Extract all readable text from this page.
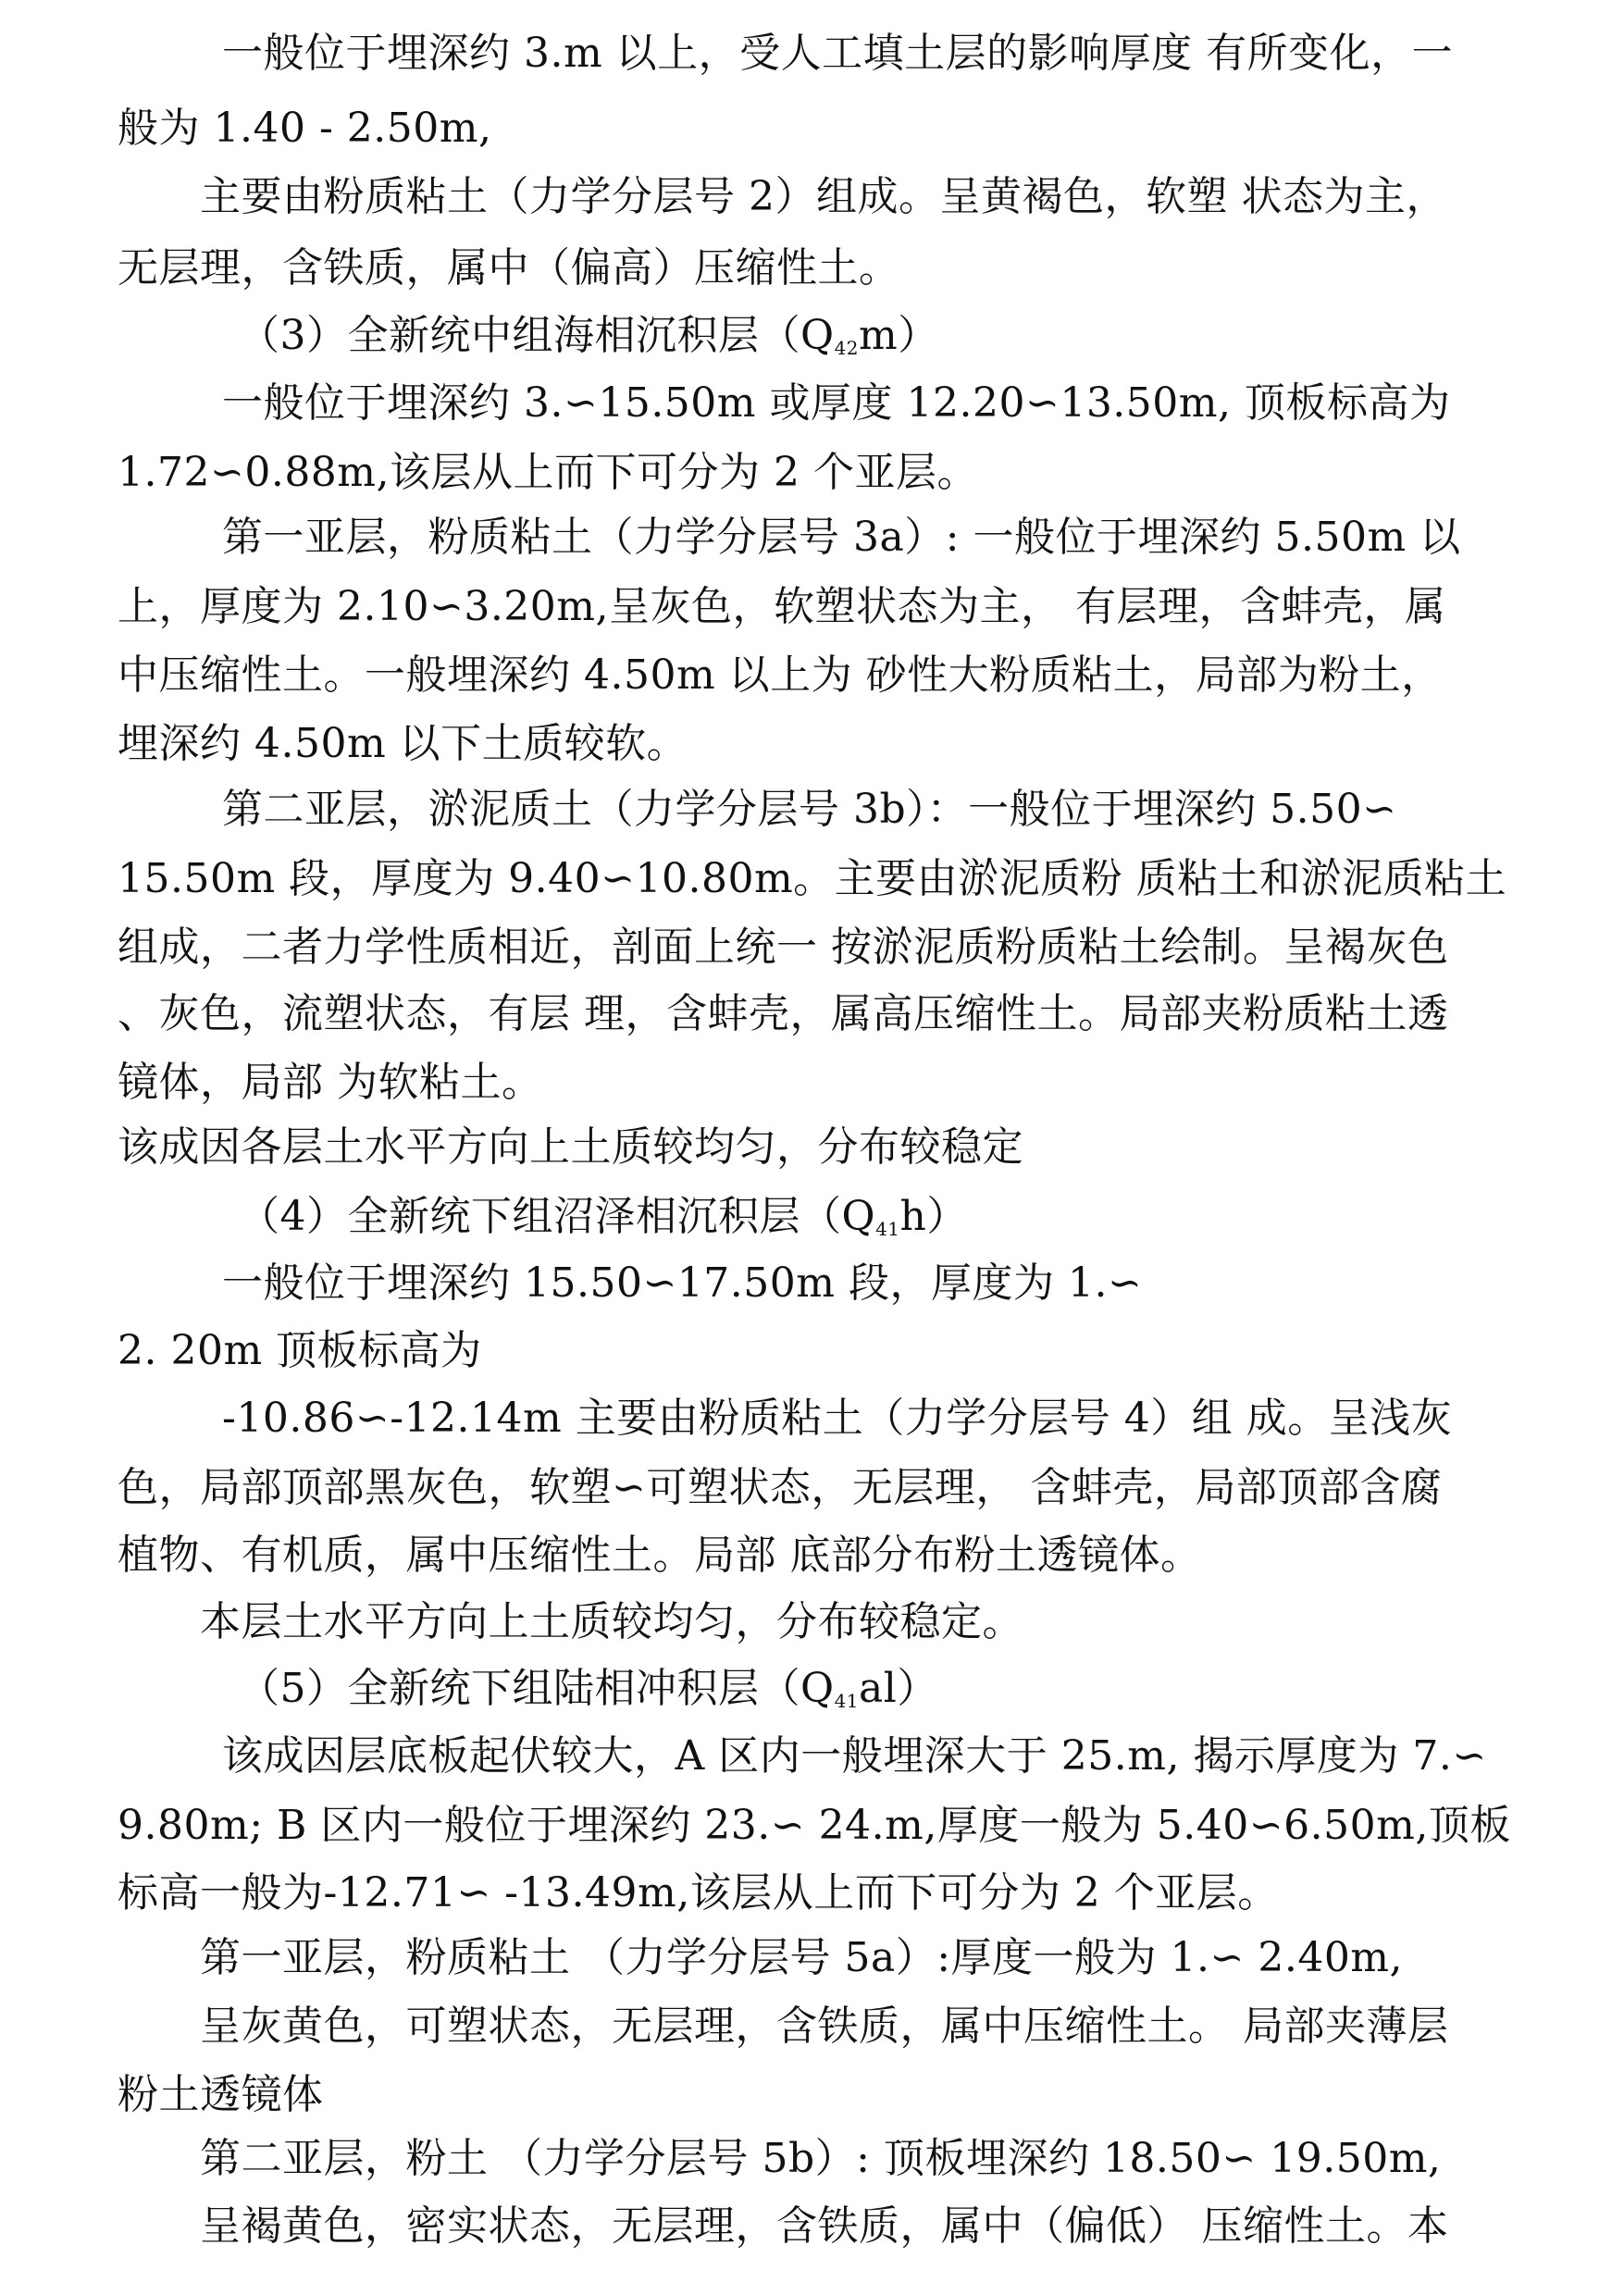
一般位于埋深约 3.m 以上，受人工填土层的影响厚度 有所变化，一
般为 1.40 - 2.50m,
主要由粉质粘土（力学分层号 2）组成。呈黄褐色，软塑 状态为主，
无层理，含铁质，属中（偏高）压缩性土。
（3）全新统中组海相沉积层（Q42m）
一般位于埋深约 3.∽15.50m 或厚度 12.20∽13.50m, 顶板标高为
1.72∽0.88m,该层从上而下可分为 2 个亚层。
第一亚层，粉质粘土（力学分层号 3a）: 一般位于埋深约 5.50m 以
上，厚度为 2.10∽3.20m,呈灰色，软塑状态为主， 有层理，含蚌壳，属
中压缩性土。一般埋深约 4.50m 以上为 砂性大粉质粘土，局部为粉土，
埋深约 4.50m 以下土质较软。
第二亚层，淤泥质土（力学分层号 3b）：一般位于埋深约 5.50∽
15.50m 段，厚度为 9.40∽10.80m。主要由淤泥质粉 质粘土和淤泥质粘土
组成，二者力学性质相近，剖面上统一 按淤泥质粉质粘土绘制。呈褐灰色
、灰色，流塑状态，有层 理，含蚌壳，属高压缩性土。局部夹粉质粘土透
镜体，局部 为软粘土。
该成因各层土水平方向上土质较均匀，分布较稳定
（4）全新统下组沼泽相沉积层（Q41h）
一般位于埋深约 15.50∽17.50m 段，厚度为 1.∽
2. 20m 顶板标高为
-10.86∽-12.14m 主要由粉质粘土（力学分层号 4）组 成。呈浅灰
色，局部顶部黑灰色，软塑∽可塑状态，无层理， 含蚌壳，局部顶部含腐
植物、有机质，属中压缩性土。局部 底部分布粉土透镜体。
本层土水平方向上土质较均匀，分布较稳定。
（5）全新统下组陆相冲积层（Q41al）
该成因层底板起伏较大，A 区内一般埋深大于 25.m, 揭示厚度为 7.∽
9.80m; B 区内一般位于埋深约 23.∽ 24.m,厚度一般为 5.40∽6.50m,顶板
标高一般为-12.71∽ -13.49m,该层从上而下可分为 2 个亚层。
第一亚层，粉质粘土 （力学分层号 5a）:厚度一般为 1.∽ 2.40m,
呈灰黄色，可塑状态，无层理，含铁质，属中压缩性土。 局部夹薄层
粉土透镜体
第二亚层，粉土 （力学分层号 5b）: 顶板埋深约 18.50∽ 19.50m,
呈褐黄色，密实状态，无层理，含铁质，属中（偏低） 压缩性土。本
